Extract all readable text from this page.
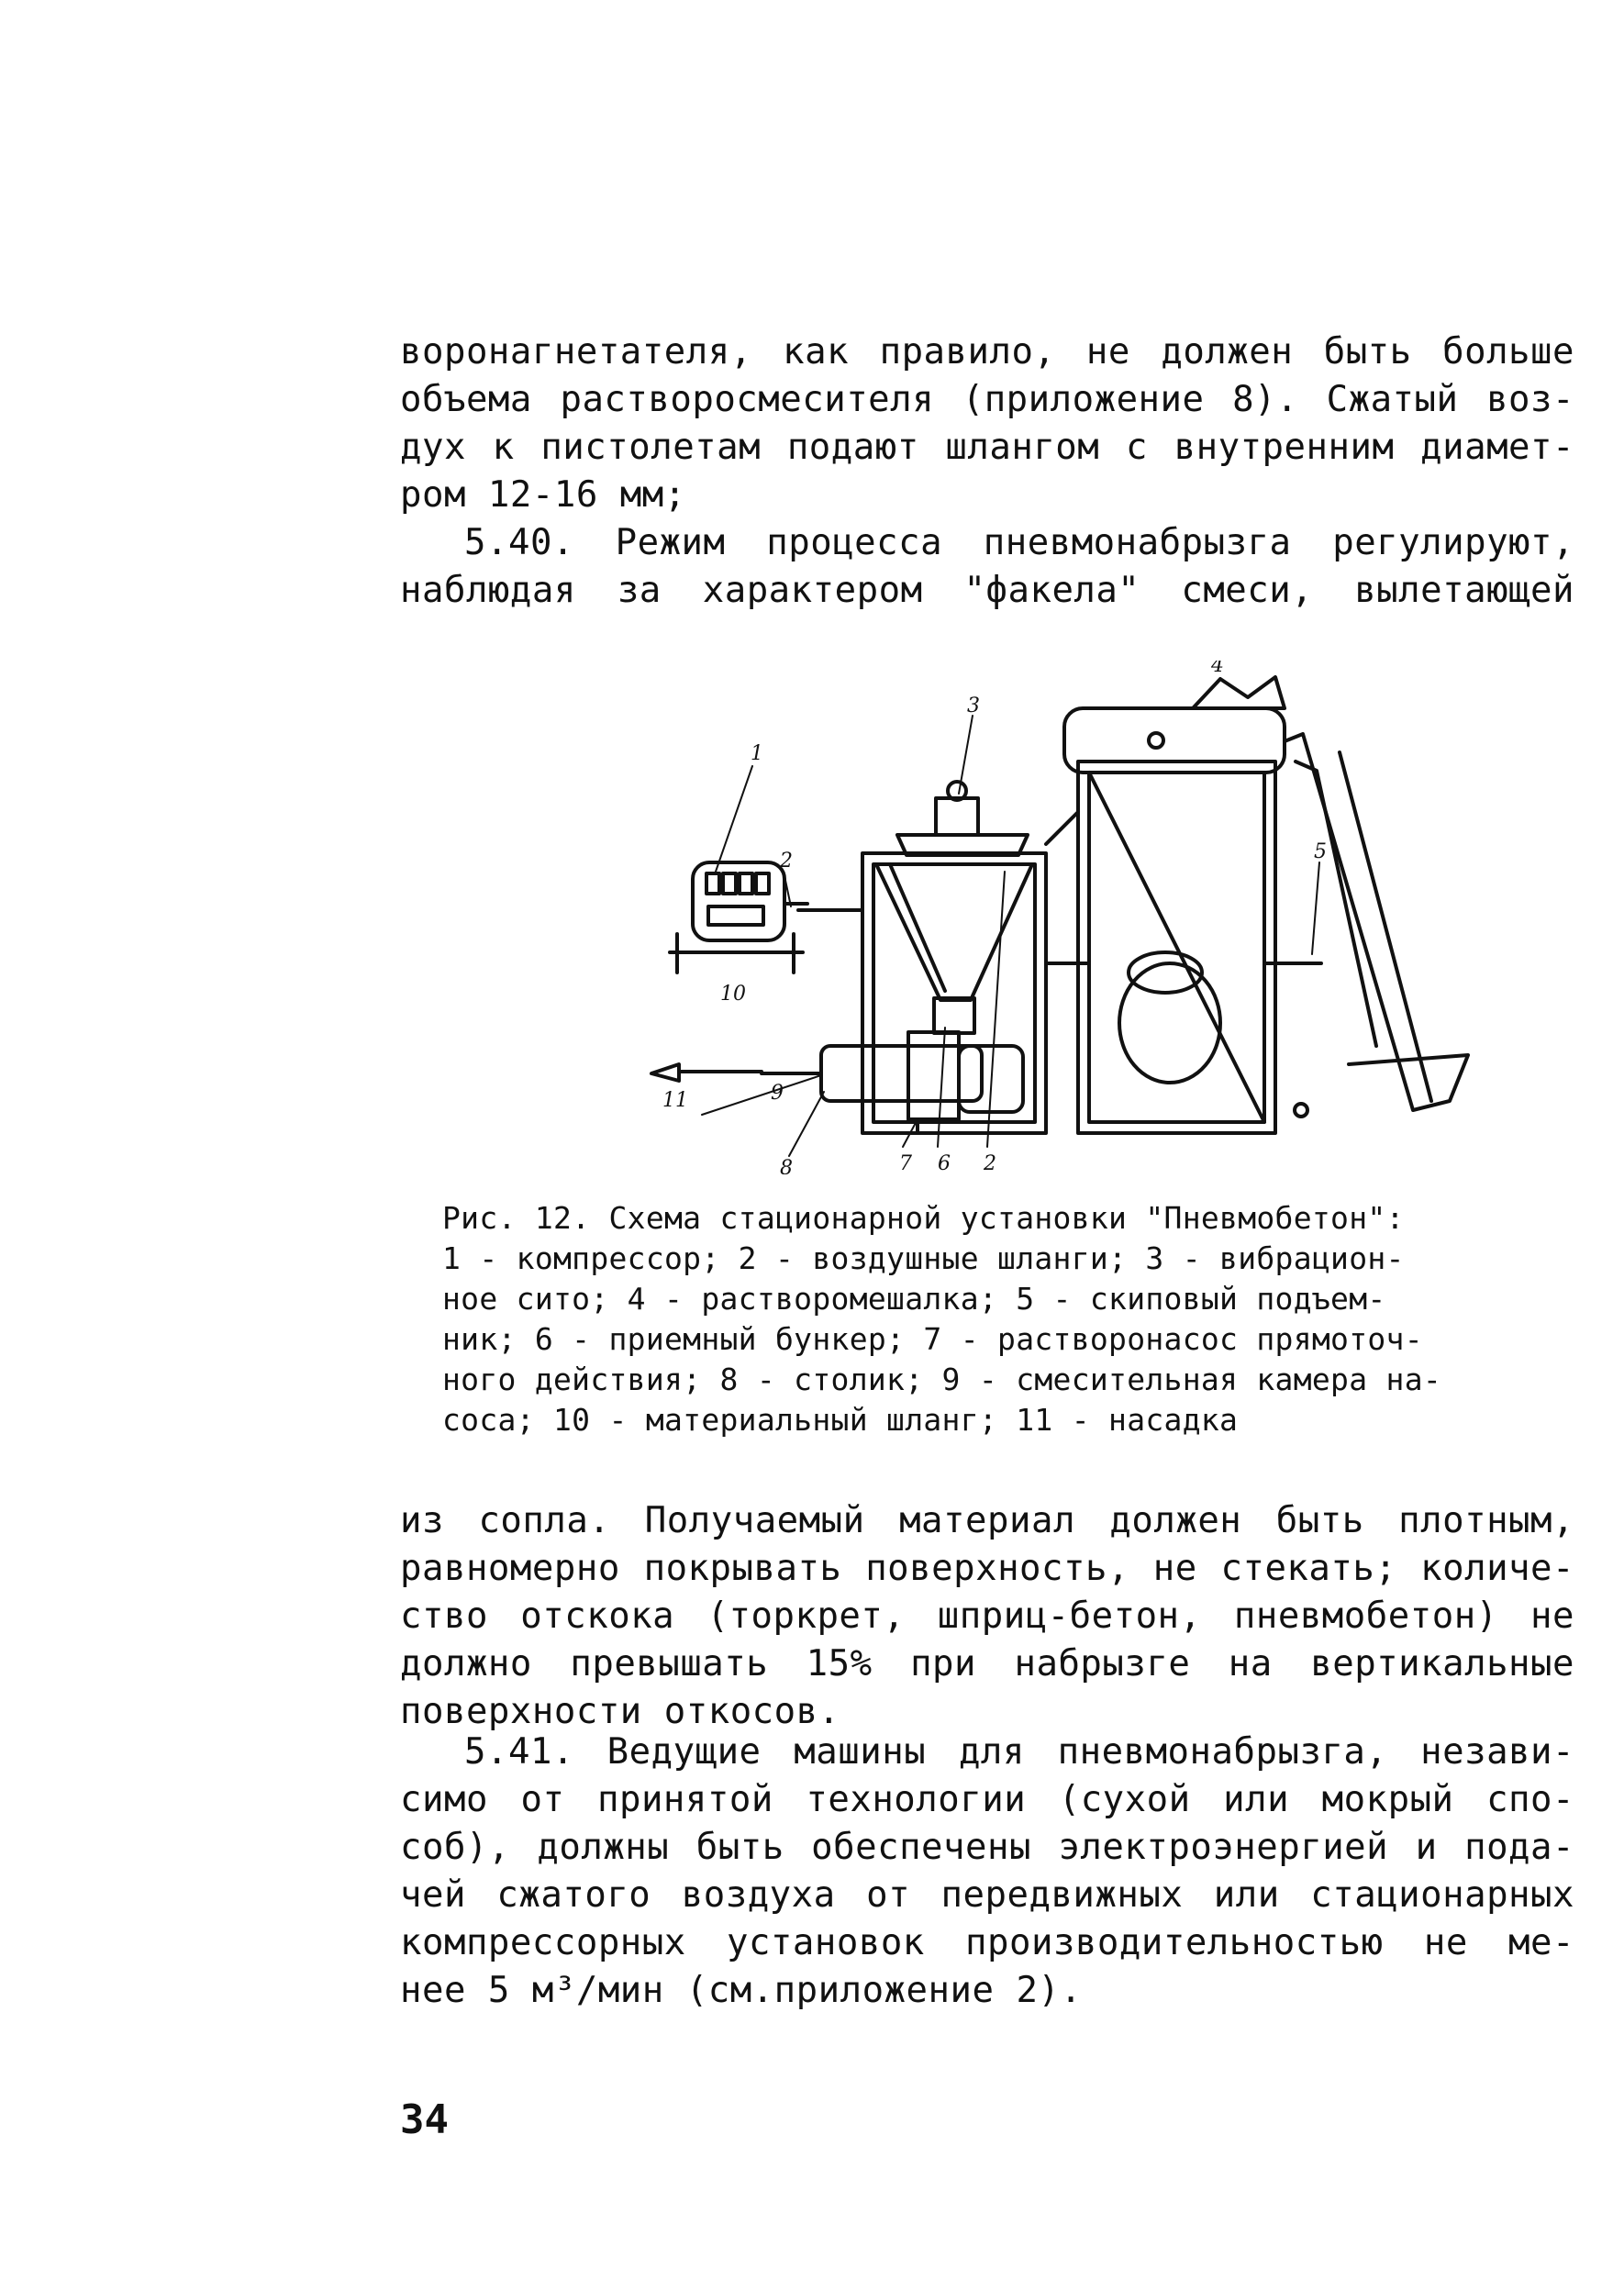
воронагнетателя, как правило, не должен быть больше
объема растворосмесителя (приложение 8). Сжатый воз-
дух к пистолетам подают шлангом с внутренним диамет-
ром 12-16 мм;
5.40. Режим процесса пневмонабрызга регулируют,
наблюдая за характером "факела" смеси, вылетающей
1
2
3
4
5
6
7
8
9
10
11
2
Рис. 12. Схема стационарной установки "Пневмобетон":
1 - компрессор; 2 - воздушные шланги; 3 - вибрацион-
ное сито; 4 - растворомешалка; 5 - скиповый подъем-
ник; 6 - приемный бункер; 7 - растворонасос прямоточ-
ного действия; 8 - столик; 9 - смесительная камера на-
соса; 10 - материальный шланг; 11 - насадка
из сопла. Получаемый материал должен быть плотным,
равномерно покрывать поверхность, не стекать; количе-
ство отскока (торкрет, шприц-бетон, пневмобетон) не
должно превышать 15% при набрызге на вертикальные
поверхности откосов.
5.41. Ведущие машины для пневмонабрызга, незави-
симо от принятой технологии (сухой или мокрый спо-
соб), должны быть обеспечены электроэнергией и пода-
чей сжатого воздуха от передвижных или стационарных
компрессорных установок производительностью не ме-
нее 5 м³/мин (см.приложение 2).
34
